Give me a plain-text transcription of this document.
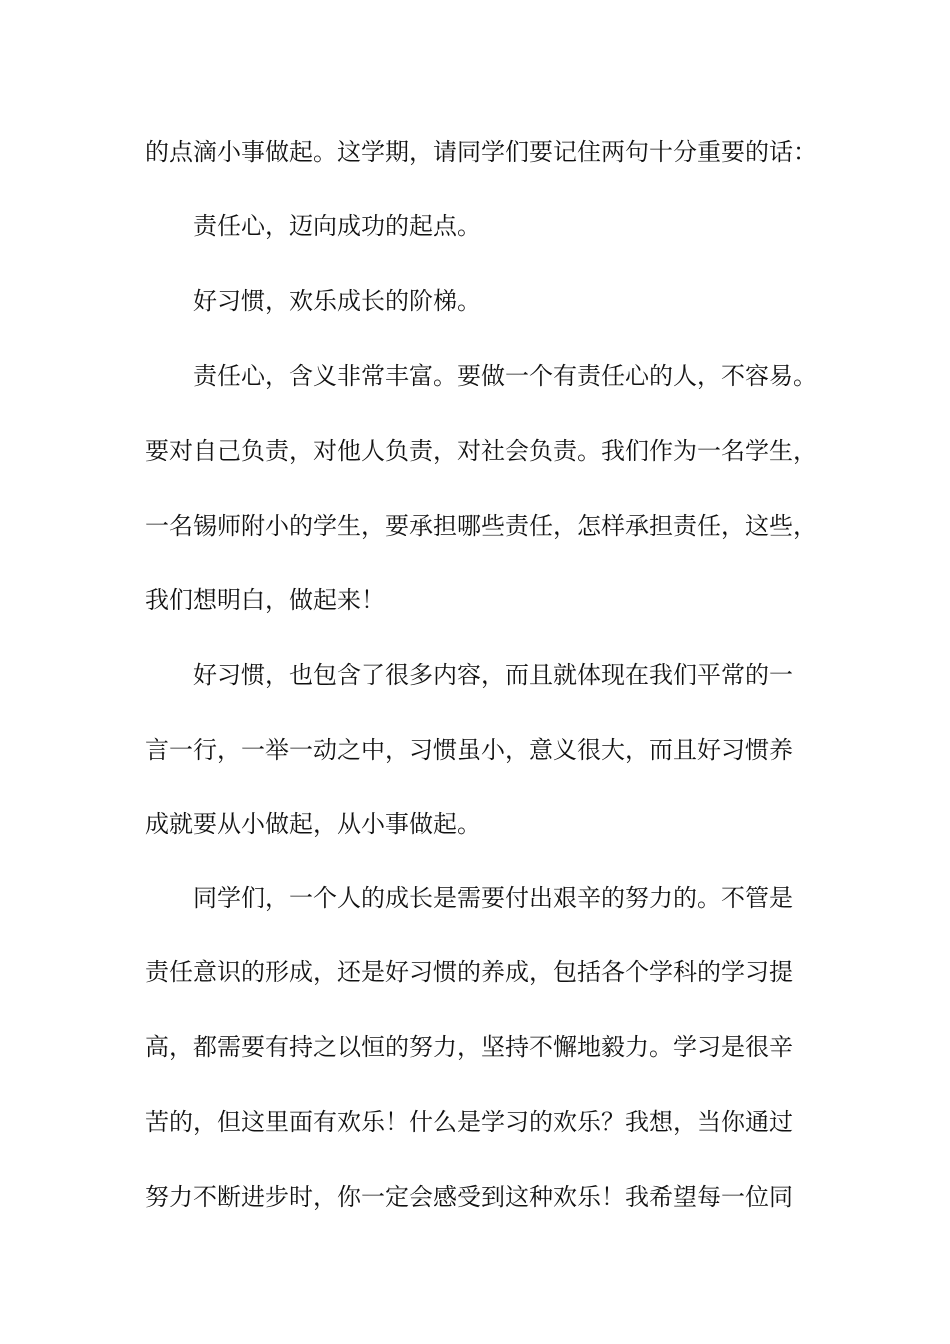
的点滴小事做起。这学期，请同学们要记住两句十分重要的话：
责任心，迈向成功的起点。
好习惯，欢乐成长的阶梯。
责任心，含义非常丰富。要做一个有责任心的人，不容易。
要对自己负责，对他人负责，对社会负责。我们作为一名学生，
一名锡师附小的学生，要承担哪些责任，怎样承担责任，这些，
我们想明白，做起来！
好习惯，也包含了很多内容，而且就体现在我们平常的一
言一行，一举一动之中，习惯虽小，意义很大，而且好习惯养
成就要从小做起，从小事做起。
同学们，一个人的成长是需要付出艰辛的努力的。不管是
责任意识的形成，还是好习惯的养成，包括各个学科的学习提
高，都需要有持之以恒的努力，坚持不懈地毅力。学习是很辛
苦的，但这里面有欢乐！什么是学习的欢乐？我想，当你通过
努力不断进步时，你一定会感受到这种欢乐！我希望每一位同
